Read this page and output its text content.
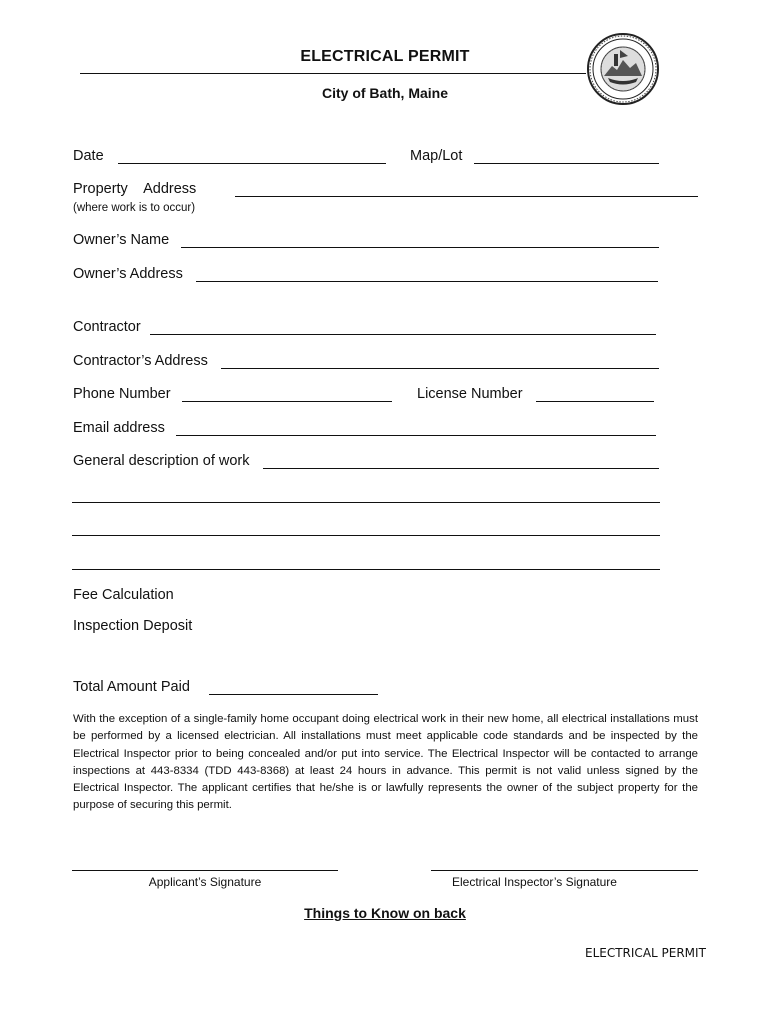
ELECTRICAL PERMIT
City of Bath, Maine
Date	Map/Lot
Property    Address
(where work is to occur)
Owner’s Name
Owner’s Address
Contractor
Contractor’s Address
Phone Number	License Number
Email address
General description of work
Fee Calculation
Inspection Deposit
Total Amount Paid

With the exception of a single-family home occupant doing electrical work in their new home, all electrical installations must be performed by a licensed electrician. All installations must meet applicable code standards and be inspected by the Electrical Inspector prior to being concealed and/or put into service. The Electrical Inspector will be contacted to arrange inspections at 443-8334 (TDD 443-8368) at least 24 hours in advance. This permit is not valid unless signed by the Electrical Inspector. The applicant certifies that he/she is or lawfully represents the owner of the subject property for the purpose of securing this permit.

Applicant’s Signature	Electrical Inspector’s Signature
Things to Know on back
ELECTRICAL PERMIT
